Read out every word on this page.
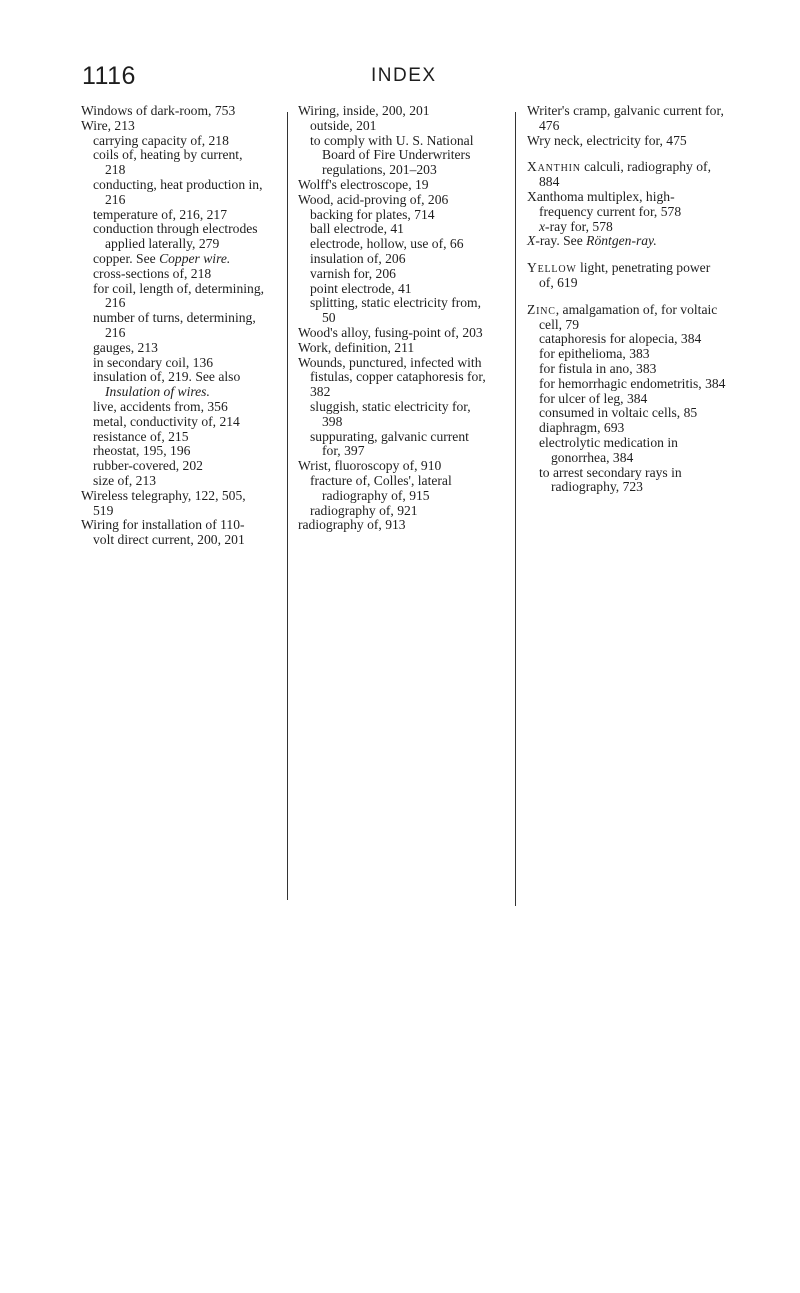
1116	INDEX

Windows of dark-room, 753

Wire, 213

carrying capacity of, 218

coils of, heating by current, 218

conducting, heat production in, 216

temperature of, 216, 217

conduction through electrodes applied laterally, 279

copper. See Copper wire.

cross-sections of, 218

for coil, length of, determining, 216

number of turns, determining, 216

gauges, 213

in secondary coil, 136

insulation of, 219. See also Insulation of wires.

live, accidents from, 356

metal, conductivity of, 214

resistance of, 215

rheostat, 195, 196

rubber-covered, 202

size of, 213

Wireless telegraphy, 122, 505, 519

Wiring for installation of 110-volt direct current, 200, 201

Wiring, inside, 200, 201

outside, 201

to comply with U. S. National Board of Fire Underwriters regulations, 201–203

Wolff's electroscope, 19

Wood, acid-proving of, 206

backing for plates, 714

ball electrode, 41

electrode, hollow, use of, 66

insulation of, 206

varnish for, 206

point electrode, 41

splitting, static electricity from, 50

Wood's alloy, fusing-point of, 203

Work, definition, 211

Wounds, punctured, infected with fistulas, copper cataphoresis for, 382

sluggish, static electricity for, 398

suppurating, galvanic current for, 397

Wrist, fluoroscopy of, 910

fracture of, Colles', lateral radiography of, 915

radiography of, 921

radiography of, 913

Writer's cramp, galvanic current for, 476

Wry neck, electricity for, 475

Xanthin calculi, radiography of, 884

Xanthoma multiplex, high-frequency current for, 578

x-ray for, 578

X-ray. See Röntgen-ray.

Yellow light, penetrating power of, 619

Zinc, amalgamation of, for voltaic cell, 79

cataphoresis for alopecia, 384

for epithelioma, 383

for fistula in ano, 383

for hemorrhagic endometritis, 384

for ulcer of leg, 384

consumed in voltaic cells, 85

diaphragm, 693

electrolytic medication in gonorrhea, 384

to arrest secondary rays in radiography, 723
